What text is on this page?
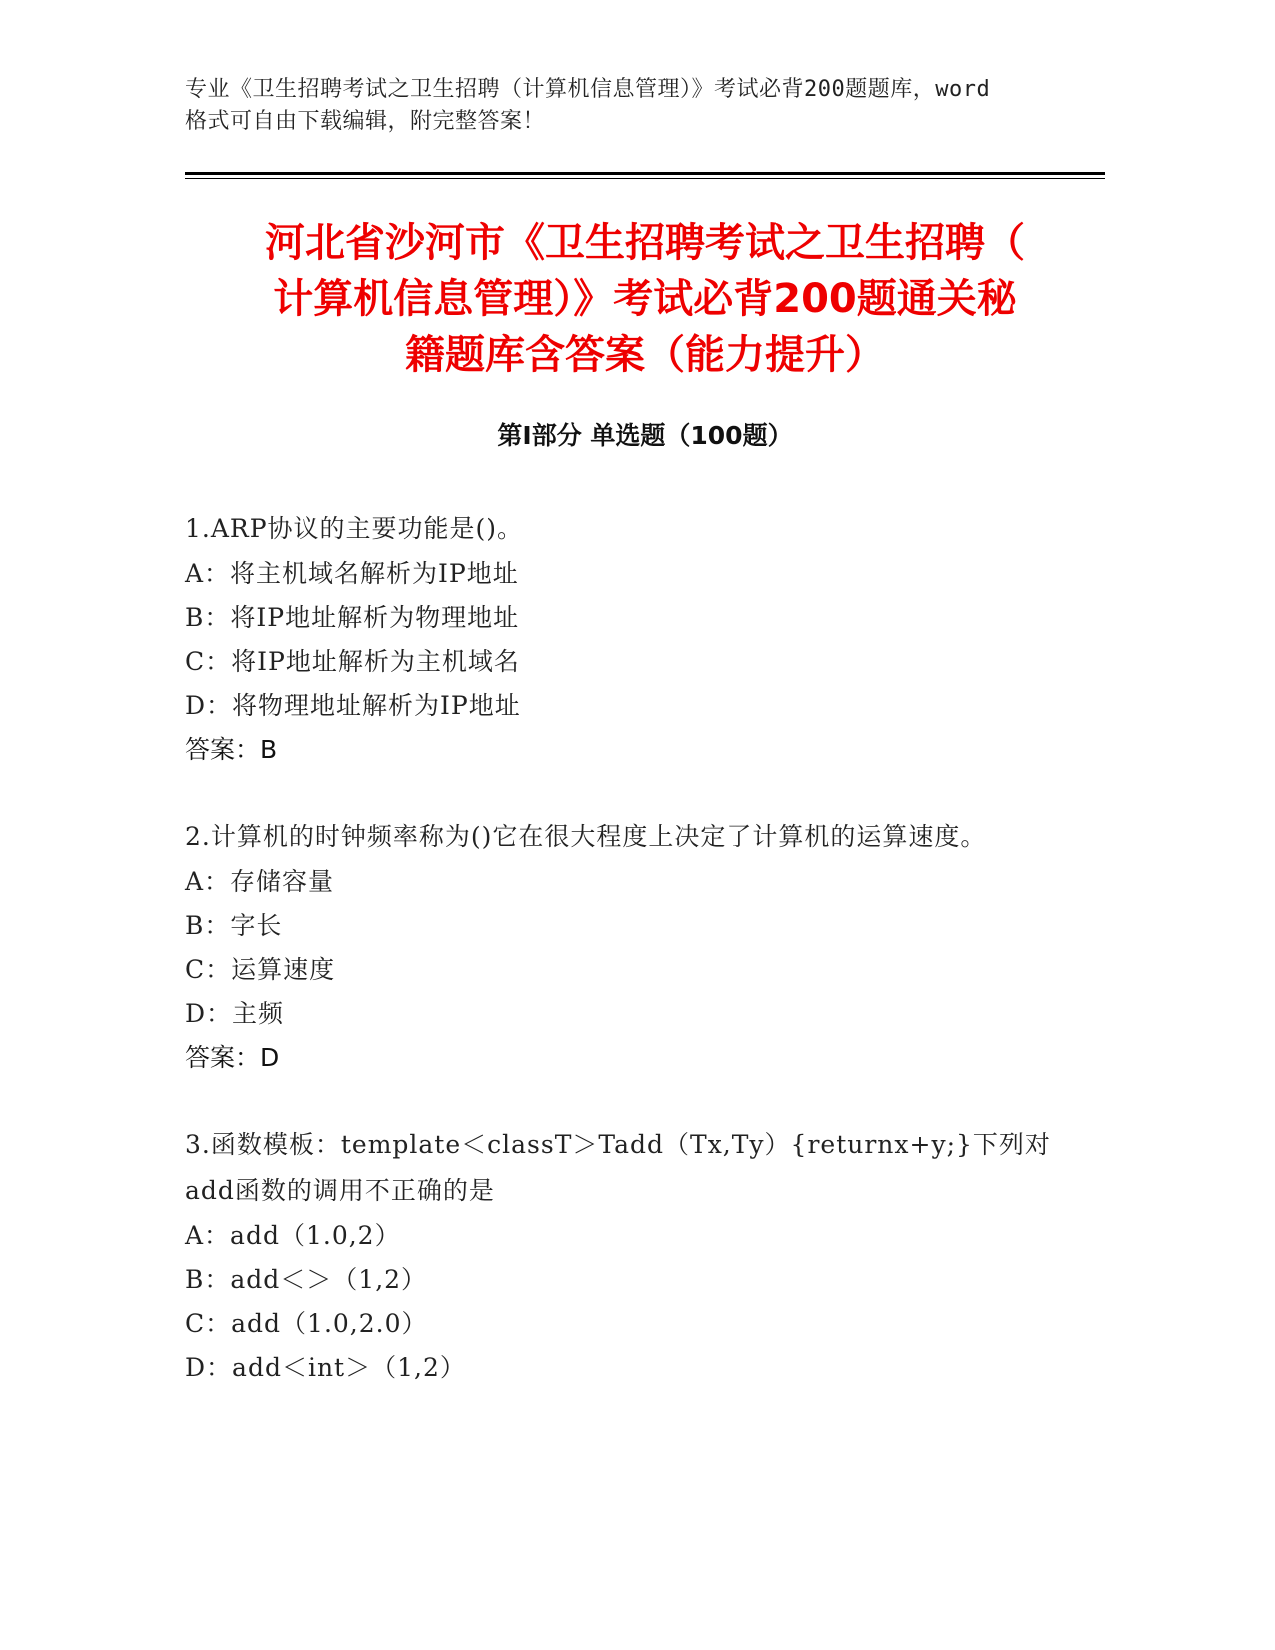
专业《卫生招聘考试之卫生招聘（计算机信息管理）》考试必背200题题库，word

格式可自由下载编辑，附完整答案！

河北省沙河市《卫生招聘考试之卫生招聘（
计算机信息管理）》考试必背200题通关秘
籍题库含答案（能力提升）
第I部分 单选题（100题）

1.ARP协议的主要功能是()。

A：将主机域名解析为IP地址

B：将IP地址解析为物理地址

C：将IP地址解析为主机域名

D：将物理地址解析为IP地址

答案：B

2.计算机的时钟频率称为()它在很大程度上决定了计算机的运算速度。

A：存储容量

B：字长

C：运算速度

D：主频

答案：D

3.函数模板：template＜classT＞Tadd（Tx,Ty）{returnx+y;}下列对add函数的调用不正确的是

A：add（1.0,2）

B：add＜＞（1,2）

C：add（1.0,2.0）

D：add＜int＞（1,2）
